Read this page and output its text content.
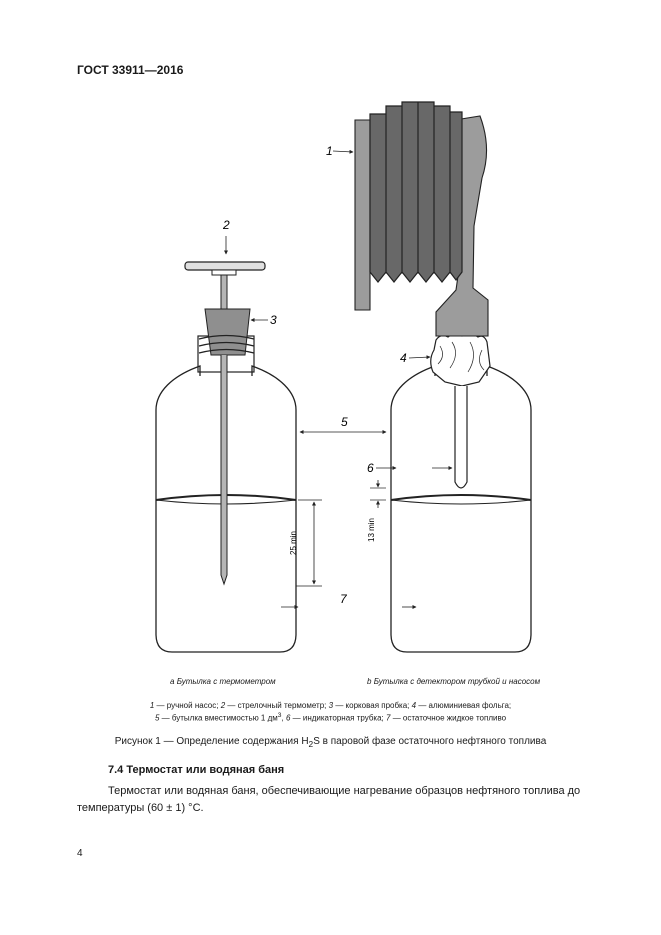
ГОСТ 33911—2016
1
2
3
4
5
6
7
25 min
13 min
a Бутылка с термометром	b Бутылка с детектором трубкой и насосом
1 — ручной насос; 2 — стрелочный термометр; 3 — корковая пробка; 4 — алюминиевая фольга;
5 — бутылка вместимостью 1 $дм^3$, 6 — индикаторная трубка; 7 — остаточное жидкое топливо
Рисунок 1 — Определение содержания $H_2S$ в паровой фазе остаточного нефтяного топлива
7.4 Термостат или водяная баня
Термостат или водяная баня, обеспечивающие нагревание образцов нефтяного топлива до температуры (60 ± 1) °C.
4
